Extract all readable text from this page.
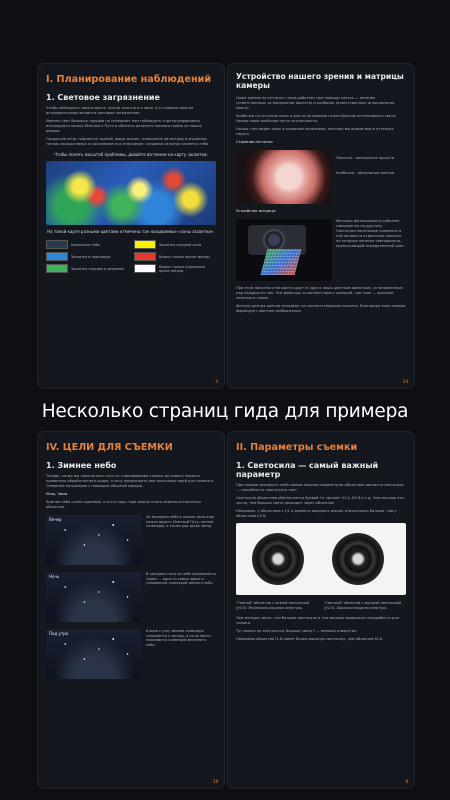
I. Планирование наблюдений
1. Световое загрязнение
Чтобы наблюдать своего врага, нужно знать его в лицо. А в главным врагом астрофотографа является световое загрязнение.
Именно свет больших городов не позволяет нам наблюдать и фотографировать искрящуюся полосу Млечного Пути и объекты дальнего космоса прямо из наших дворов.
Городские огни, подсветка зданий, фары машин, освещение автострад и огромных теплиц выходя вверх и рассеиваются в атмосфере, создавая сильную засветку неба.
Чтобы понять масштаб проблемы, давайте взглянем на карту засветки:
На такой карте разными цветами отмечены так называемые «зоны засветки».
Идеальное небо	Засветка средней силы
Засветка в пригороде	Видны только яркие звезды
Засветка городов и деревень	Видны только отдельные яркие звёзды
4
Устройство нашего зрения и матрицы камеры
Наше зрение на сетчатке глаза работает при помощи клеток — палочек (ответственных за восприятие яркости) и колбочек (ответственных за восприятие цвета).
Колбочки на сетчатке мало и для их активации нужно больше интенсивного света. Ночью наши колбочки почти отключаются.
Ночью глаз видит лишь в основном палочками, поэтому мы видим мир в оттенках серого.
Строение сетчатки
Палочки - восприятие яркости
Колбочки - восприятие цветов
Устройство матрицы
Матрица фотоаппарата работает совершенно по-другому. Светочувствительные элементы в ней являются отдельные пиксели, на которые нанесен светофильтр, пропускающий определенный цвет.
При этом пиксели отличаются друг от друга лишь цветным фильтром, установленным над каждым из них. Эти фильтры, в соответствии с камерой, три типа — красные, зеленые и синие.
Фотоны разных цветов попадают на соответствующие пиксели, благодаря чему камера формирует цветное изображение.
24
Несколько страниц гида для примера
IV. ЦЕЛИ ДЛЯ СЪЕМКИ
1. Зимнее небо
Теперь, когда мы прошли весь путь от планирования съемки до самого первого правильно обработанного кадра, я хочу предложить вам несколько идей для съемки в Северном полушарии с помощью обычной камеры.
Итак, Зима.
Зимнее небо очень красивое, и в эту пору года можно снять немало интересных объектов.
Вечер	На вечернем небе в начале зимы еще можно видеть Млечный Путь, летние созвездия, а также ряд ярких звезд.
Ночь	В середине ночи на небе поднимается Орион — одно из самых ярких и узнаваемых созвездий зимнего неба.
Под утро	Ближе к утру зимние созвездия склоняются к западу, и на их месте появляются созвездия весеннего неба.
38
II. Параметры съемки
1. Светосила — самый важный параметр
При съемке звездного неба самым важным параметром объектива является светосила — способность пропускать свет.
Светосила объектива обозначается буквой f и числом: f/1.4, f/2.8 и т.д. Чем меньше это число, тем больше света проходит через объектив.
Например, у объектива с f/1.4 диаметр входного зрачка значительно больше, чем у объектива f/2.8.
"Темный" объектив с низкой светосилой (f/3.5). Маленькая входная апертура.
"Светлый" объектив с высокой светосилой (f/2.0). Широкая входная апертура.
Чем меньше число, тем больше светосила и тем меньше выдержка понадобится для съемки.
Тут важно не запутаться: больше число f — меньше отверстие.
Например объектив f1.8 имеет более высокую светосилу, чем объектив f2.8.
8
